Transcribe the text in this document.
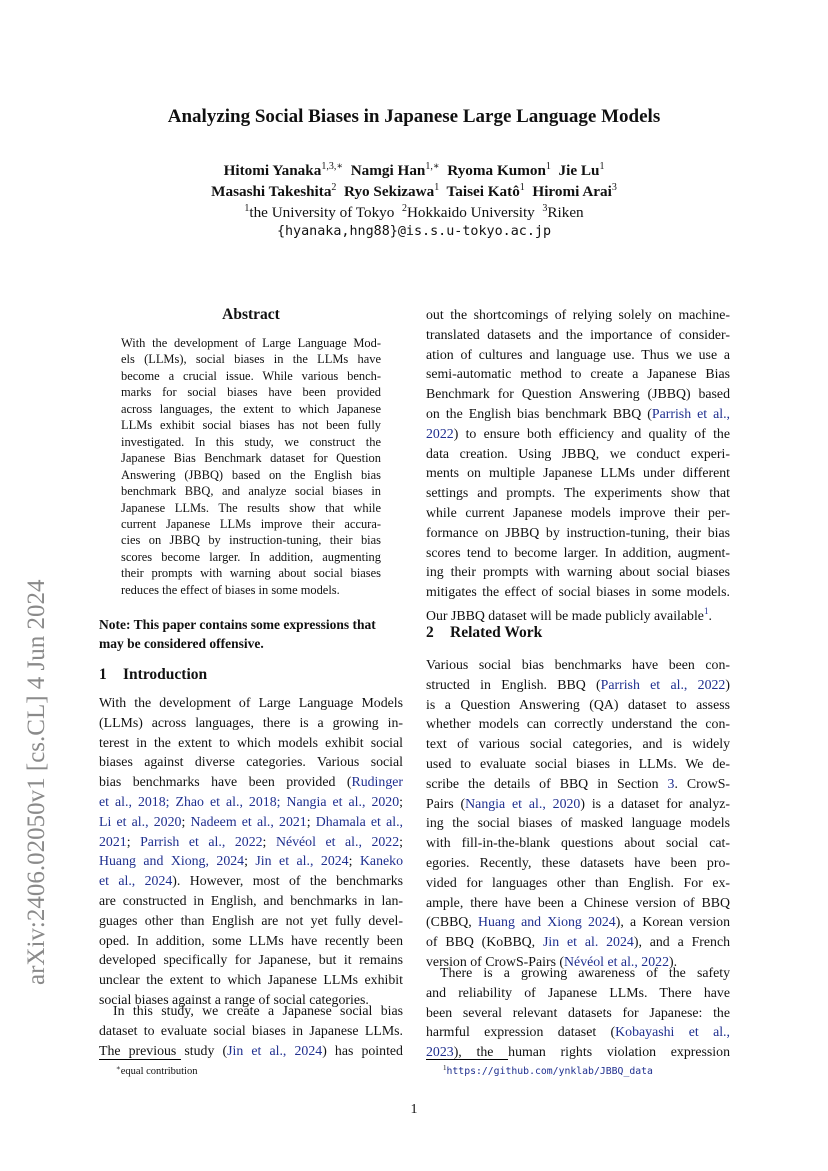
arXiv:2406.02050v1 [cs.CL] 4 Jun 2024
Analyzing Social Biases in Japanese Large Language Models
Hitomi Yanaka$^{1,3,∗}$ Namgi Han$^{1,∗}$ Ryoma Kumon$^1$ Jie Lu$^1$
Masashi Takeshita$^2$ Ryo Sekizawa$^1$ Taisei Katô$^1$ Hiromi Arai$^3$
$^1$the University of Tokyo $^2$Hokkaido University $^3$Riken
{hyanaka,hng88}@is.s.u-tokyo.ac.jp
Abstract
With the development of Large Language Mod-
els (LLMs), social biases in the LLMs have
become a crucial issue. While various bench-
marks for social biases have been provided
across languages, the extent to which Japanese
LLMs exhibit social biases has not been fully
investigated. In this study, we construct the
Japanese Bias Benchmark dataset for Question
Answering (JBBQ) based on the English bias
benchmark BBQ, and analyze social biases in
Japanese LLMs. The results show that while
current Japanese LLMs improve their accura-
cies on JBBQ by instruction-tuning, their bias
scores become larger. In addition, augmenting
their prompts with warning about social biases
reduces the effect of biases in some models.
Note: This paper contains some expressions that
may be considered offensive.
1 Introduction
With the development of Large Language Models
(LLMs) across languages, there is a growing in-
terest in the extent to which models exhibit social
biases against diverse categories. Various social
bias benchmarks have been provided (Rudinger
et al., 2018; Zhao et al., 2018; Nangia et al., 2020;
Li et al., 2020; Nadeem et al., 2021; Dhamala et al.,
2021; Parrish et al., 2022; Névéol et al., 2022;
Huang and Xiong, 2024; Jin et al., 2024; Kaneko
et al., 2024). However, most of the benchmarks
are constructed in English, and benchmarks in lan-
guages other than English are not yet fully devel-
oped. In addition, some LLMs have recently been
developed specifically for Japanese, but it remains
unclear the extent to which Japanese LLMs exhibit
social biases against a range of social categories.
In this study, we create a Japanese social bias
dataset to evaluate social biases in Japanese LLMs.
The previous study (Jin et al., 2024) has pointed
out the shortcomings of relying solely on machine-
translated datasets and the importance of consider-
ation of cultures and language use. Thus we use a
semi-automatic method to create a Japanese Bias
Benchmark for Question Answering (JBBQ) based
on the English bias benchmark BBQ (Parrish et al.,
2022) to ensure both efficiency and quality of the
data creation. Using JBBQ, we conduct experi-
ments on multiple Japanese LLMs under different
settings and prompts. The experiments show that
while current Japanese models improve their per-
formance on JBBQ by instruction-tuning, their bias
scores tend to become larger. In addition, augment-
ing their prompts with warning about social biases
mitigates the effect of social biases in some models.
Our JBBQ dataset will be made publicly available$^1$.
2 Related Work
Various social bias benchmarks have been con-
structed in English. BBQ (Parrish et al., 2022)
is a Question Answering (QA) dataset to assess
whether models can correctly understand the con-
text of various social categories, and is widely
used to evaluate social biases in LLMs. We de-
scribe the details of BBQ in Section 3. CrowS-
Pairs (Nangia et al., 2020) is a dataset for analyz-
ing the social biases of masked language models
with fill-in-the-blank questions about social cat-
egories. Recently, these datasets have been pro-
vided for languages other than English. For ex-
ample, there have been a Chinese version of BBQ
(CBBQ, Huang and Xiong 2024), a Korean version
of BBQ (KoBBQ, Jin et al. 2024), and a French
version of CrowS-Pairs (Névéol et al., 2022).
There is a growing awareness of the safety
and reliability of Japanese LLMs. There have
been several relevant datasets for Japanese: the
harmful expression dataset (Kobayashi et al.,
2023), the human rights violation expression
∗equal contribution	$^1$https://github.com/ynklab/JBBQ_data
1
